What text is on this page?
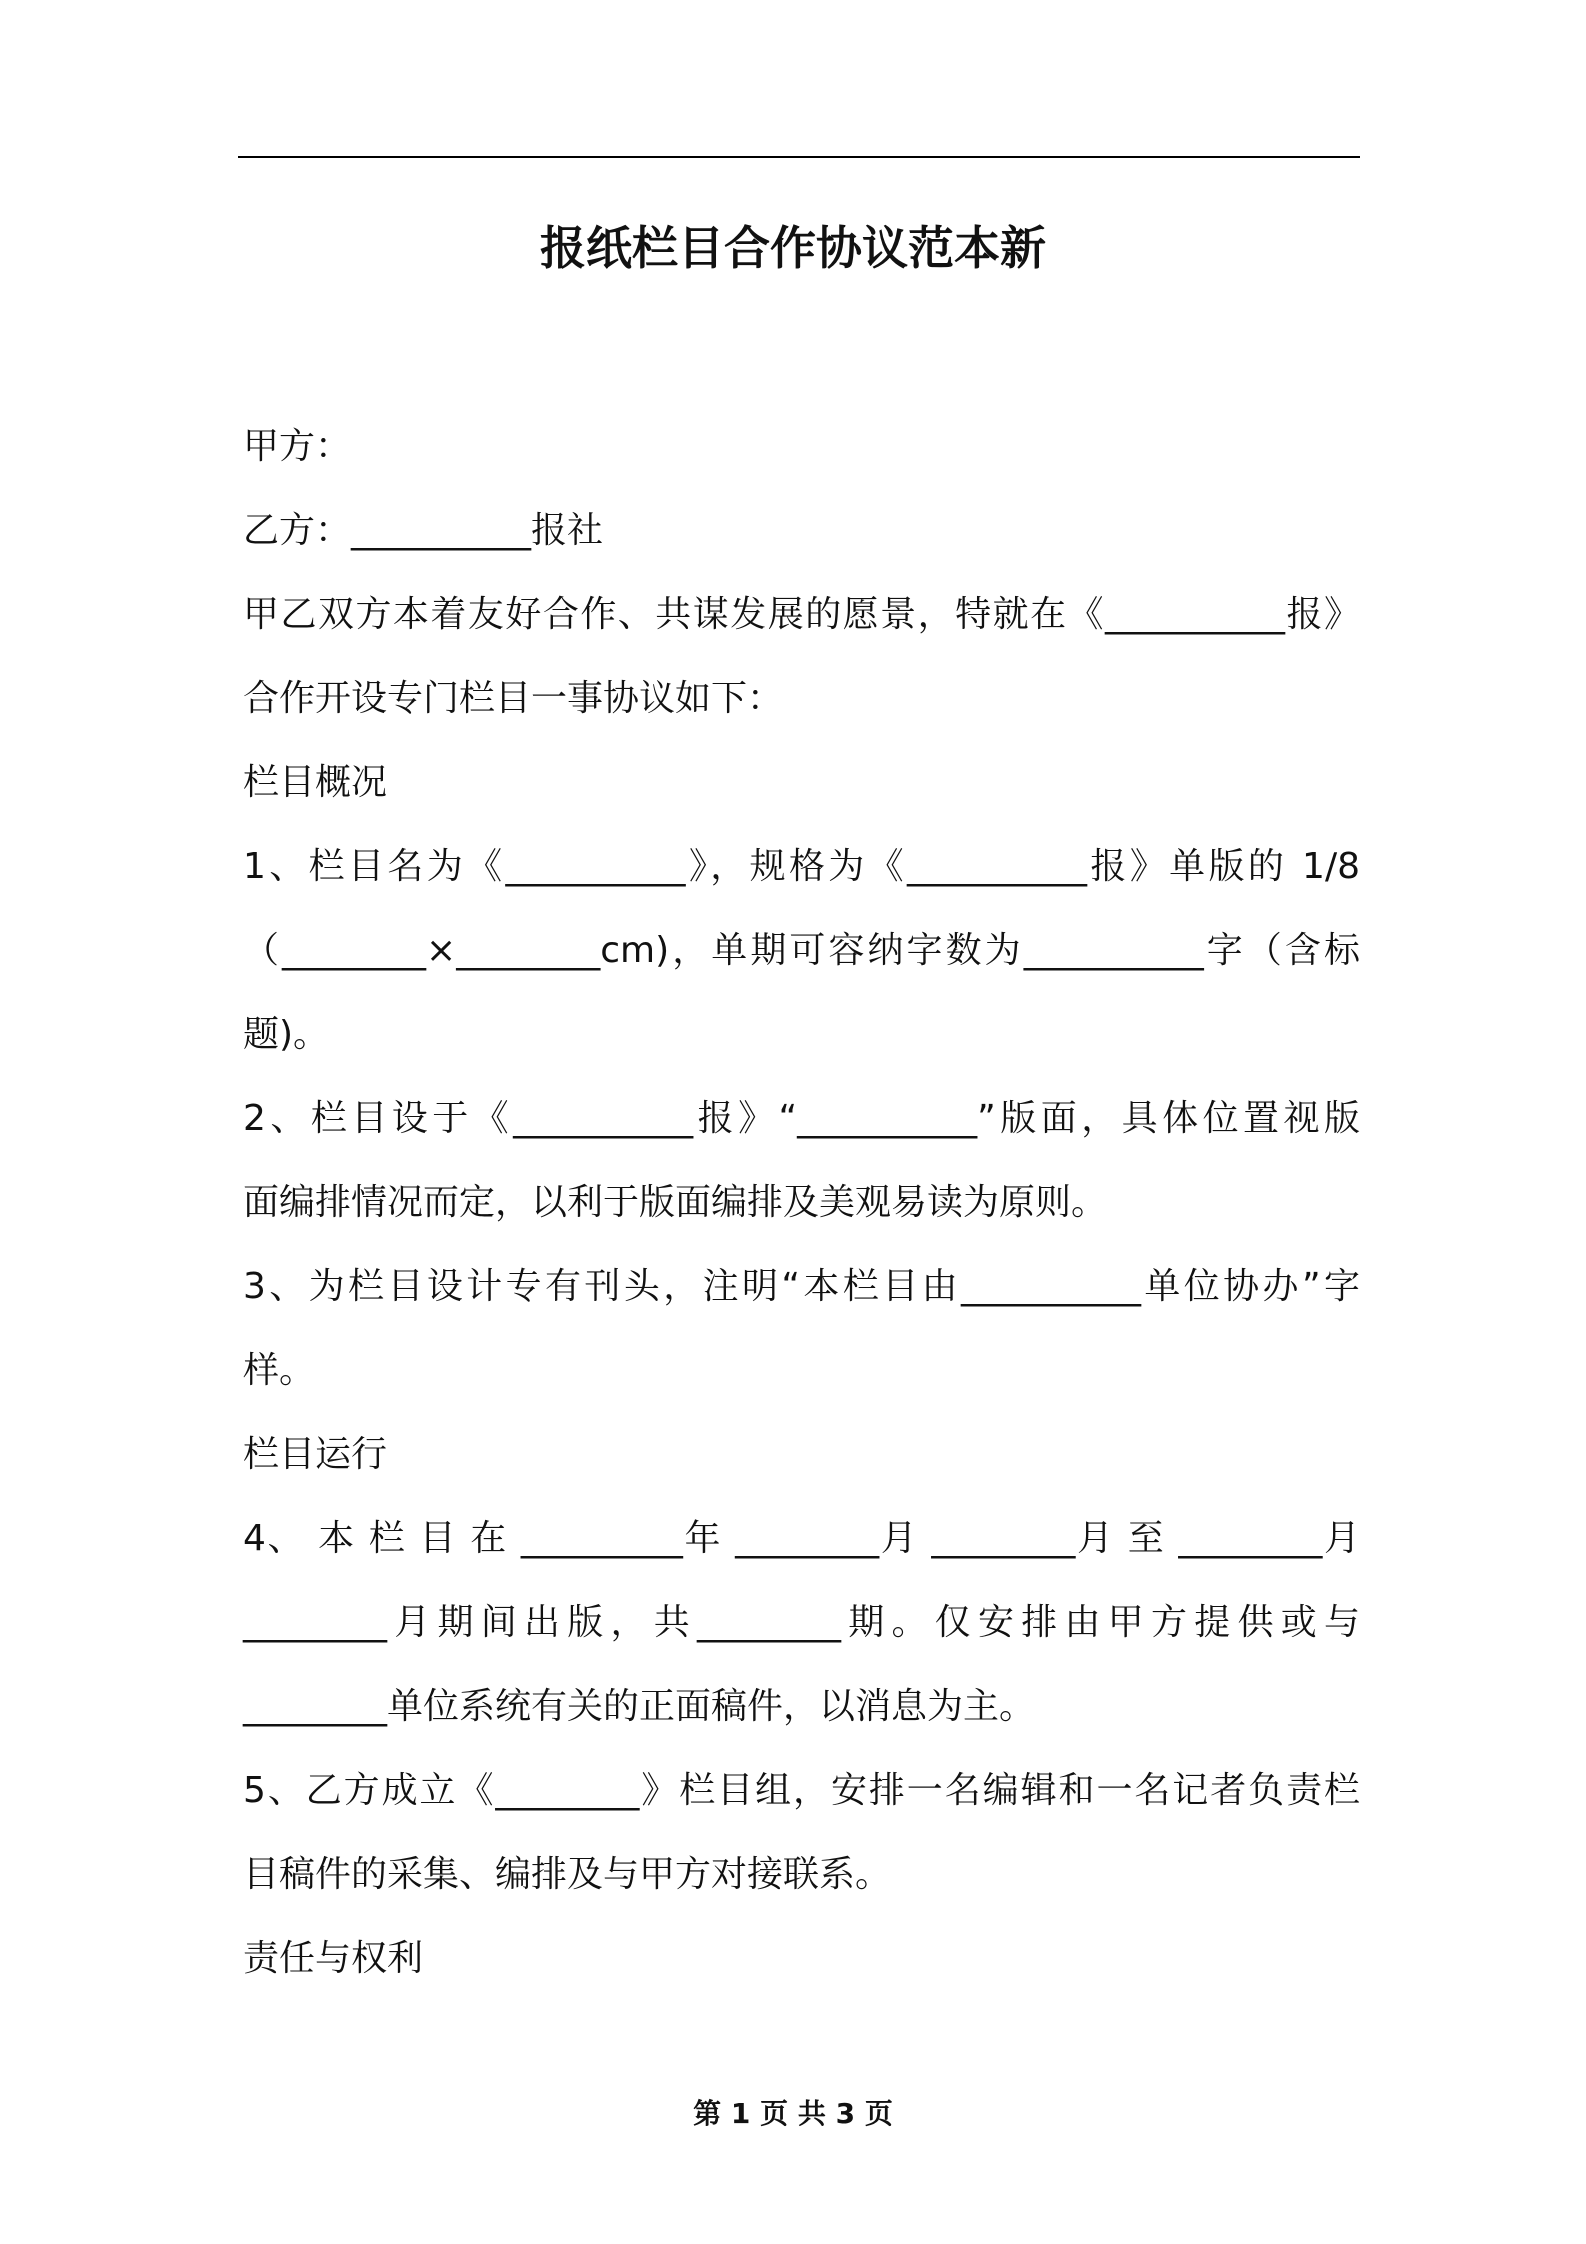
报纸栏目合作协议范本新
甲方：
乙方：__________报社
甲乙双方本着友好合作、共谋发展的愿景，特就在《__________报》
合作开设专门栏目一事协议如下：
栏目概况
1、栏目名为《__________》，规格为《__________报》单版的 1/8
（________×________cm)，单期可容纳字数为__________字（含标
题)。
2、栏目设于《__________报》“__________”版面，具体位置视版
面编排情况而定，以利于版面编排及美观易读为原则。
3、为栏目设计专有刊头，注明“本栏目由__________单位协办”字
样。
栏目运行
4、 本 栏 目 在 _________年 ________月 ________月 至 ________月
________月期间出版，共________期。仅安排由甲方提供或与
________单位系统有关的正面稿件，以消息为主。
5、乙方成立《________》栏目组，安排一名编辑和一名记者负责栏
目稿件的采集、编排及与甲方对接联系。
责任与权利
第 1 页 共 3 页
